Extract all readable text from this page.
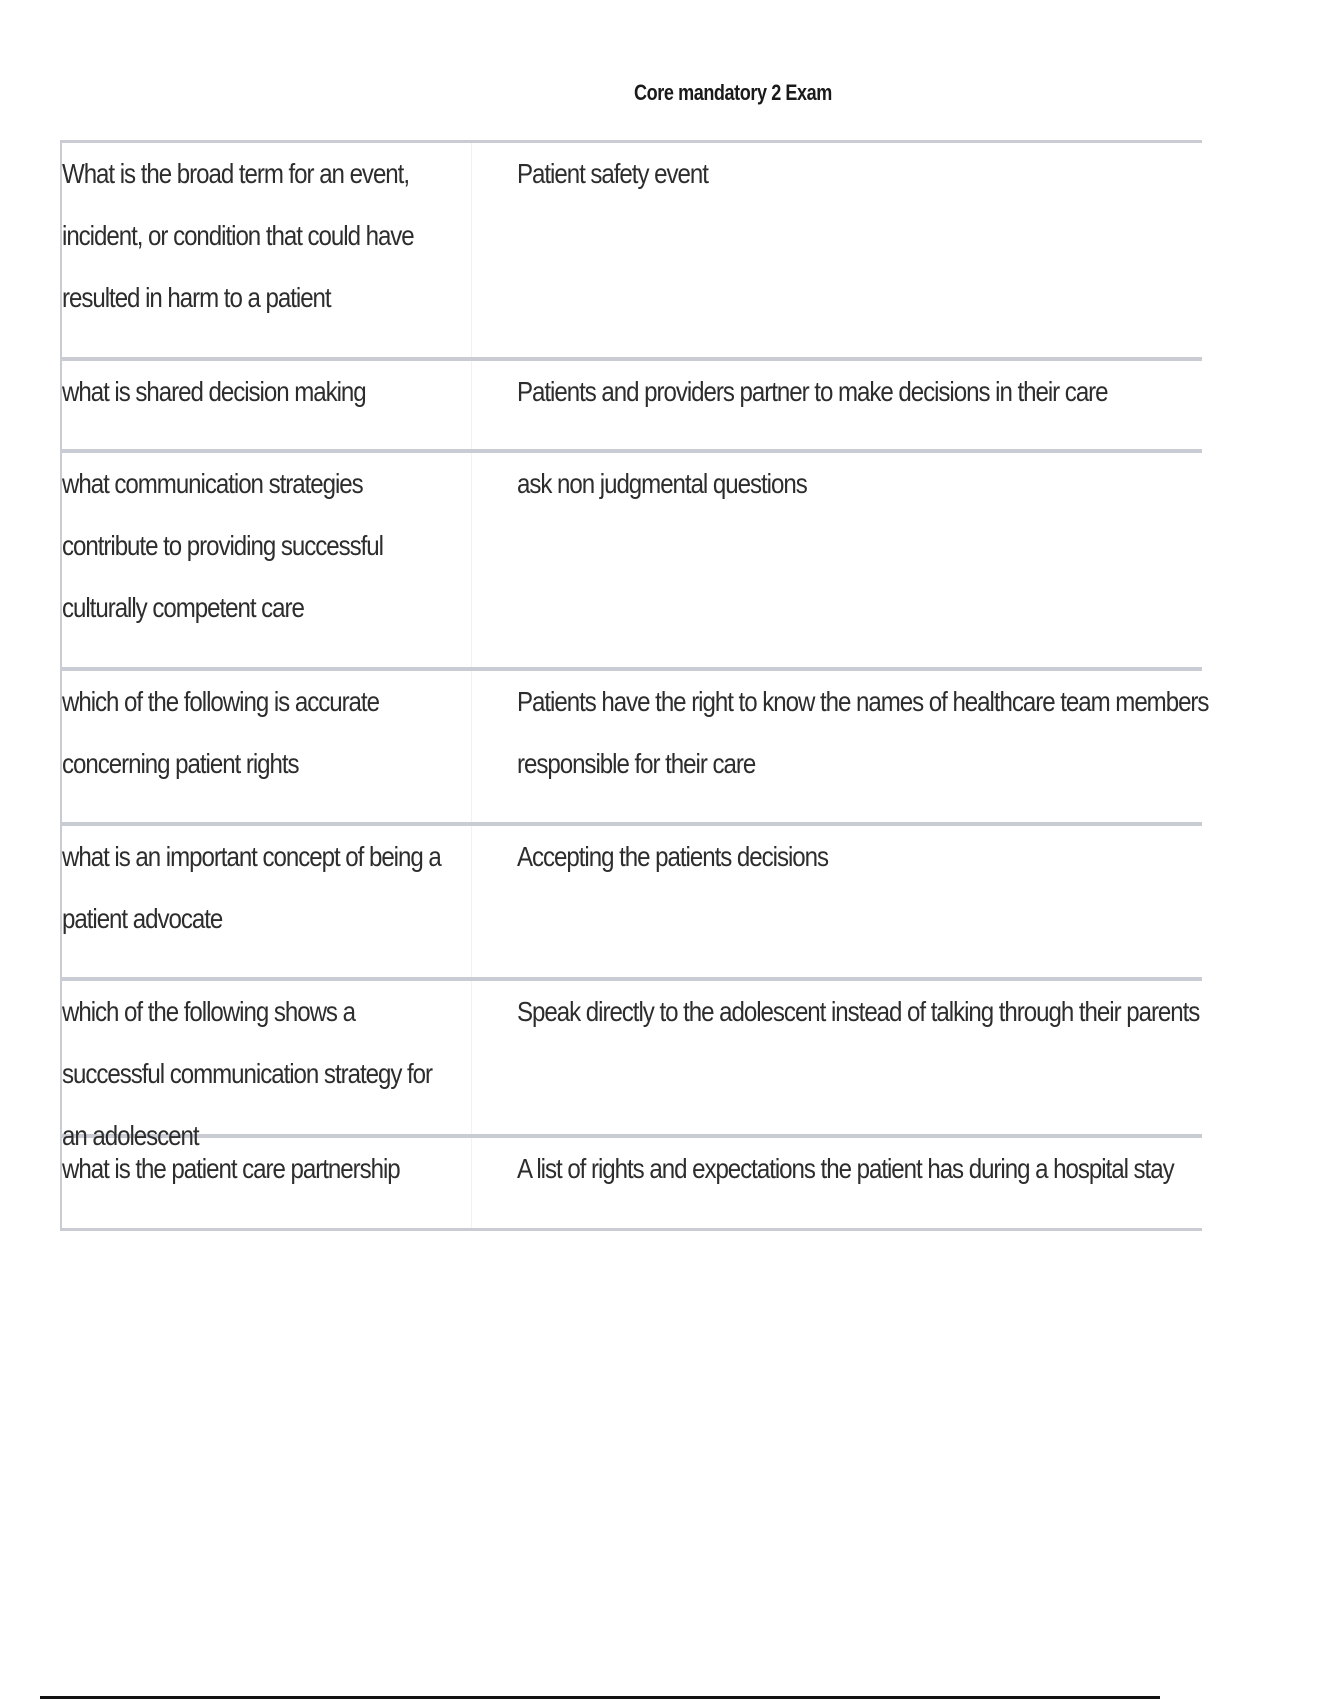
Core mandatory 2 Exam
What is the broad term for an event, incident, or condition that could have resulted in harm to a patient
Patient safety event
what is shared decision making	Patients and providers partner to make decisions in their care
what communication strategies contribute to providing successful culturally competent care
ask non judgmental questions
which of the following is accurate concerning patient rights
Patients have the right to know the names of healthcare team members responsible for their care
what is an important concept of being a patient advocate
Accepting the patients decisions
which of the following shows a successful communication strategy for an adolescent
Speak directly to the adolescent instead of talking through their parents
what is the patient care partnership	A list of rights and expectations the patient has during a hospital stay
